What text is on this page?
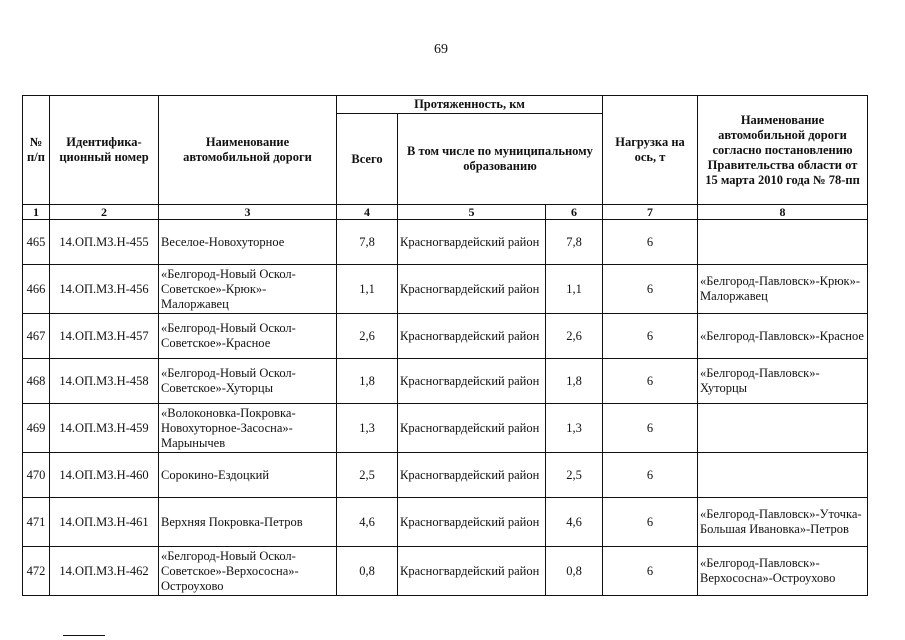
69
№ п/п	Идентифика-ционный номер	Наименование автомобильной дороги	Протяженность, км			Нагрузка на ось, т	Наименование автомобильной дороги согласно постановлению Правительства области от 15 марта 2010 года № 78-пп
			Всего	В том числе по муниципальному образованию			
1	2	3	4	5	6	7	8
465	14.ОП.МЗ.Н-455	Веселое-Новохуторное	7,8	Красногвардейский район	7,8	6	
466	14.ОП.МЗ.Н-456	«Белгород-Новый Оскол-Советское»-Крюк»-Малоржавец	1,1	Красногвардейский район	1,1	6	«Белгород-Павловск»-Крюк»-Малоржавец
467	14.ОП.МЗ.Н-457	«Белгород-Новый Оскол-Советское»-Красное	2,6	Красногвардейский район	2,6	6	«Белгород-Павловск»-Красное
468	14.ОП.МЗ.Н-458	«Белгород-Новый Оскол-Советское»-Хуторцы	1,8	Красногвардейский район	1,8	6	«Белгород-Павловск»-Хуторцы
469	14.ОП.МЗ.Н-459	«Волоконовка-Покровка-Новохуторное-Засосна»-Марынычев	1,3	Красногвардейский район	1,3	6	
470	14.ОП.МЗ.Н-460	Сорокино-Ездоцкий	2,5	Красногвардейский район	2,5	6	
471	14.ОП.МЗ.Н-461	Верхняя Покровка-Петров	4,6	Красногвардейский район	4,6	6	«Белгород-Павловск»-Уточка-Большая Ивановка»-Петров
472	14.ОП.МЗ.Н-462	«Белгород-Новый Оскол-Советское»-Верхососна»-Остроухово	0,8	Красногвардейский район	0,8	6	«Белгород-Павловск»-Верхососна»-Остроухово
